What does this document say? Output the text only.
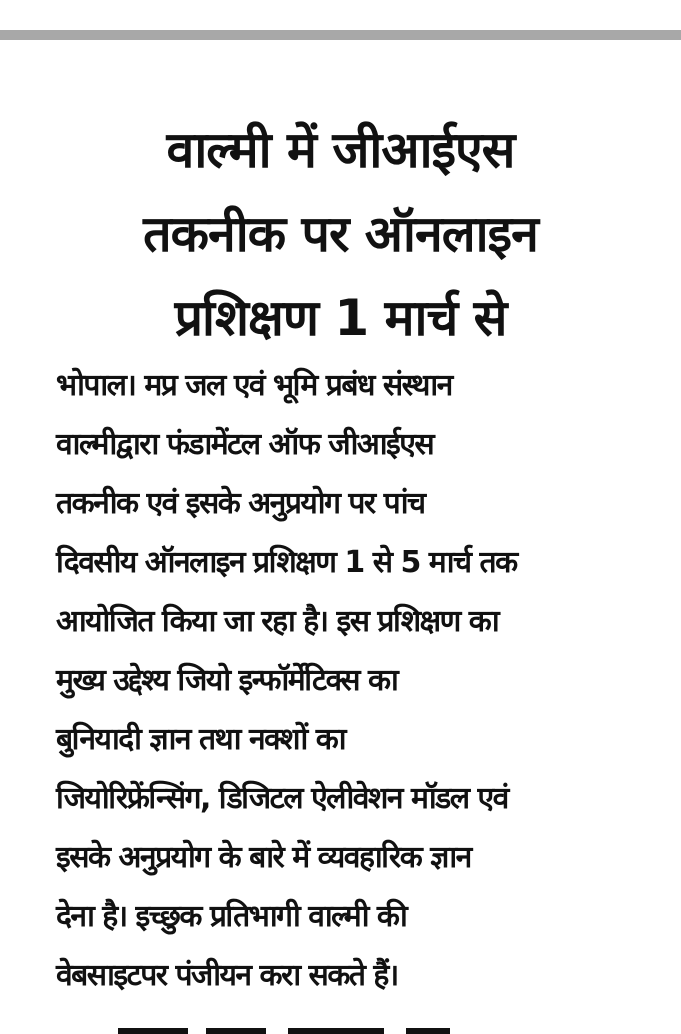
वाल्मी में जीआईएस
तकनीक पर ऑनलाइन
प्रशिक्षण 1 मार्च से

भोपाल। मप्र जल एवं भूमि प्रबंध संस्थान
वाल्मीद्वारा फंडामेंटल ऑफ जीआईएस
तकनीक एवं इसके अनुप्रयोग पर पांच
दिवसीय ऑनलाइन प्रशिक्षण 1 से 5 मार्च तक
आयोजित किया जा रहा है। इस प्रशिक्षण का
मुख्य उद्देश्य जियो इन्फॉर्मेटिक्स का
बुनियादी ज्ञान तथा नक्शों का
जियोरिफ्रेंन्सिंग, डिजिटल ऐलीवेशन मॉडल एवं
इसके अनुप्रयोग के बारे में व्यवहारिक ज्ञान
देना है। इच्छुक प्रतिभागी वाल्मी की
वेबसाइटपर पंजीयन करा सकते हैं।
